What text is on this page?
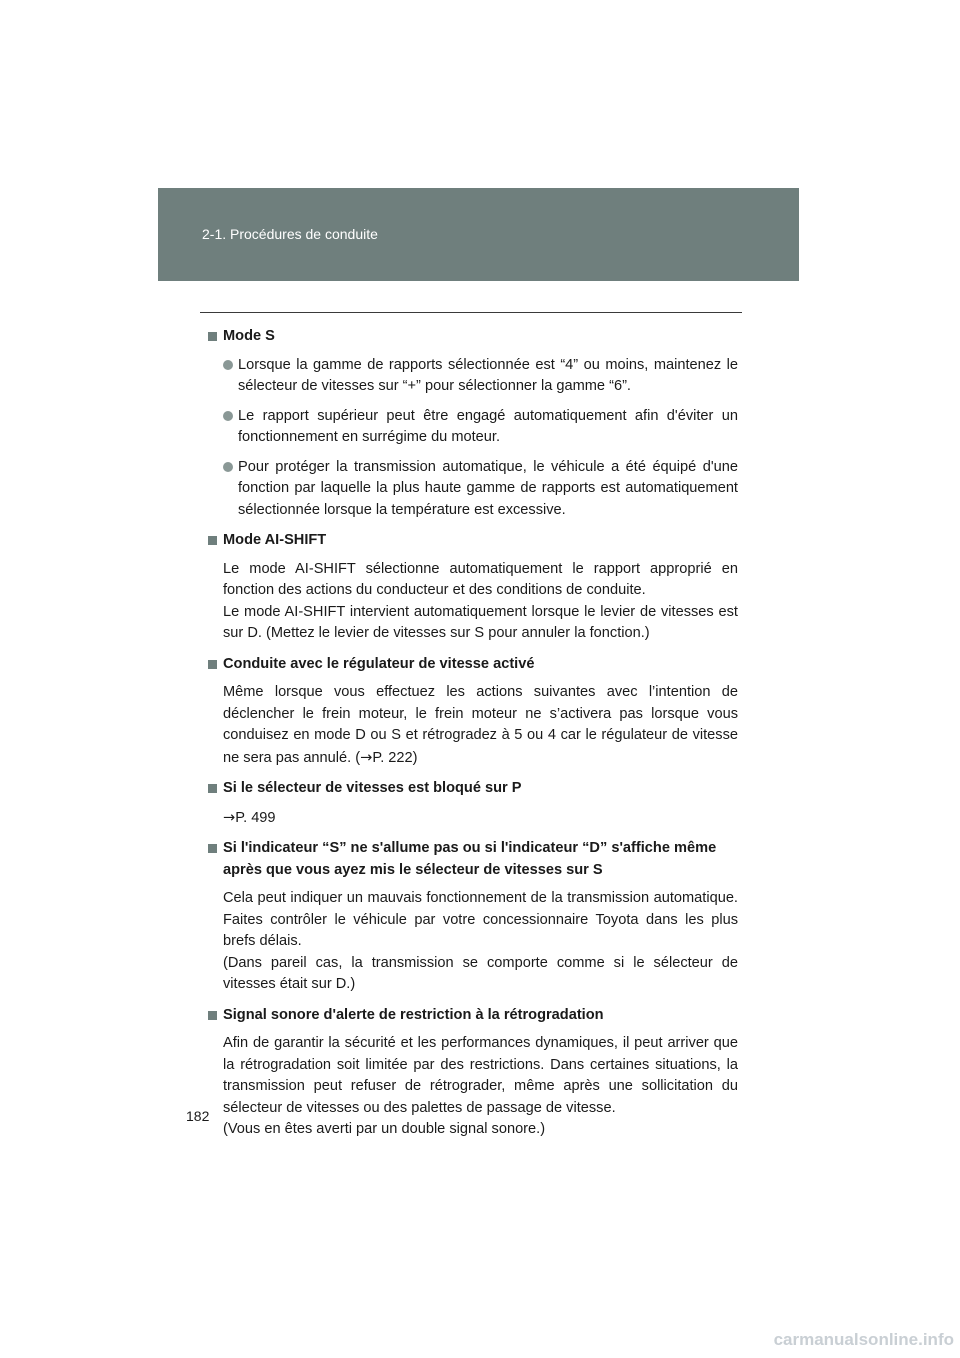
2-1. Procédures de conduite
Mode S
Lorsque la gamme de rapports sélectionnée est “4” ou moins, maintenez le sélecteur de vitesses sur “+” pour sélectionner la gamme “6”.
Le rapport supérieur peut être engagé automatiquement afin d'éviter un fonctionnement en surrégime du moteur.
Pour protéger la transmission automatique, le véhicule a été équipé d'une fonction par laquelle la plus haute gamme de rapports est automatiquement sélectionnée lorsque la température est excessive.
Mode AI-SHIFT
Le mode AI-SHIFT sélectionne automatiquement le rapport approprié en fonction des actions du conducteur et des conditions de conduite.
Le mode AI-SHIFT intervient automatiquement lorsque le levier de vitesses est sur D. (Mettez le levier de vitesses sur S pour annuler la fonction.)
Conduite avec le régulateur de vitesse activé
Même lorsque vous effectuez les actions suivantes avec l’intention de déclencher le frein moteur, le frein moteur ne s’activera pas lorsque vous conduisez en mode D ou S et rétrogradez à 5 ou 4 car le régulateur de vitesse ne sera pas annulé. (→P. 222)
Si le sélecteur de vitesses est bloqué sur P
→P. 499
Si l'indicateur “S” ne s'allume pas ou si l'indicateur “D” s'affiche même après que vous ayez mis le sélecteur de vitesses sur S
Cela peut indiquer un mauvais fonctionnement de la transmission automatique. Faites contrôler le véhicule par votre concessionnaire Toyota dans les plus brefs délais.
(Dans pareil cas, la transmission se comporte comme si le sélecteur de vitesses était sur D.)
Signal sonore d'alerte de restriction à la rétrogradation
Afin de garantir la sécurité et les performances dynamiques, il peut arriver que la rétrogradation soit limitée par des restrictions. Dans certaines situations, la transmission peut refuser de rétrograder, même après une sollicitation du sélecteur de vitesses ou des palettes de passage de vitesse.
(Vous en êtes averti par un double signal sonore.)
182
carmanualsonline.info
